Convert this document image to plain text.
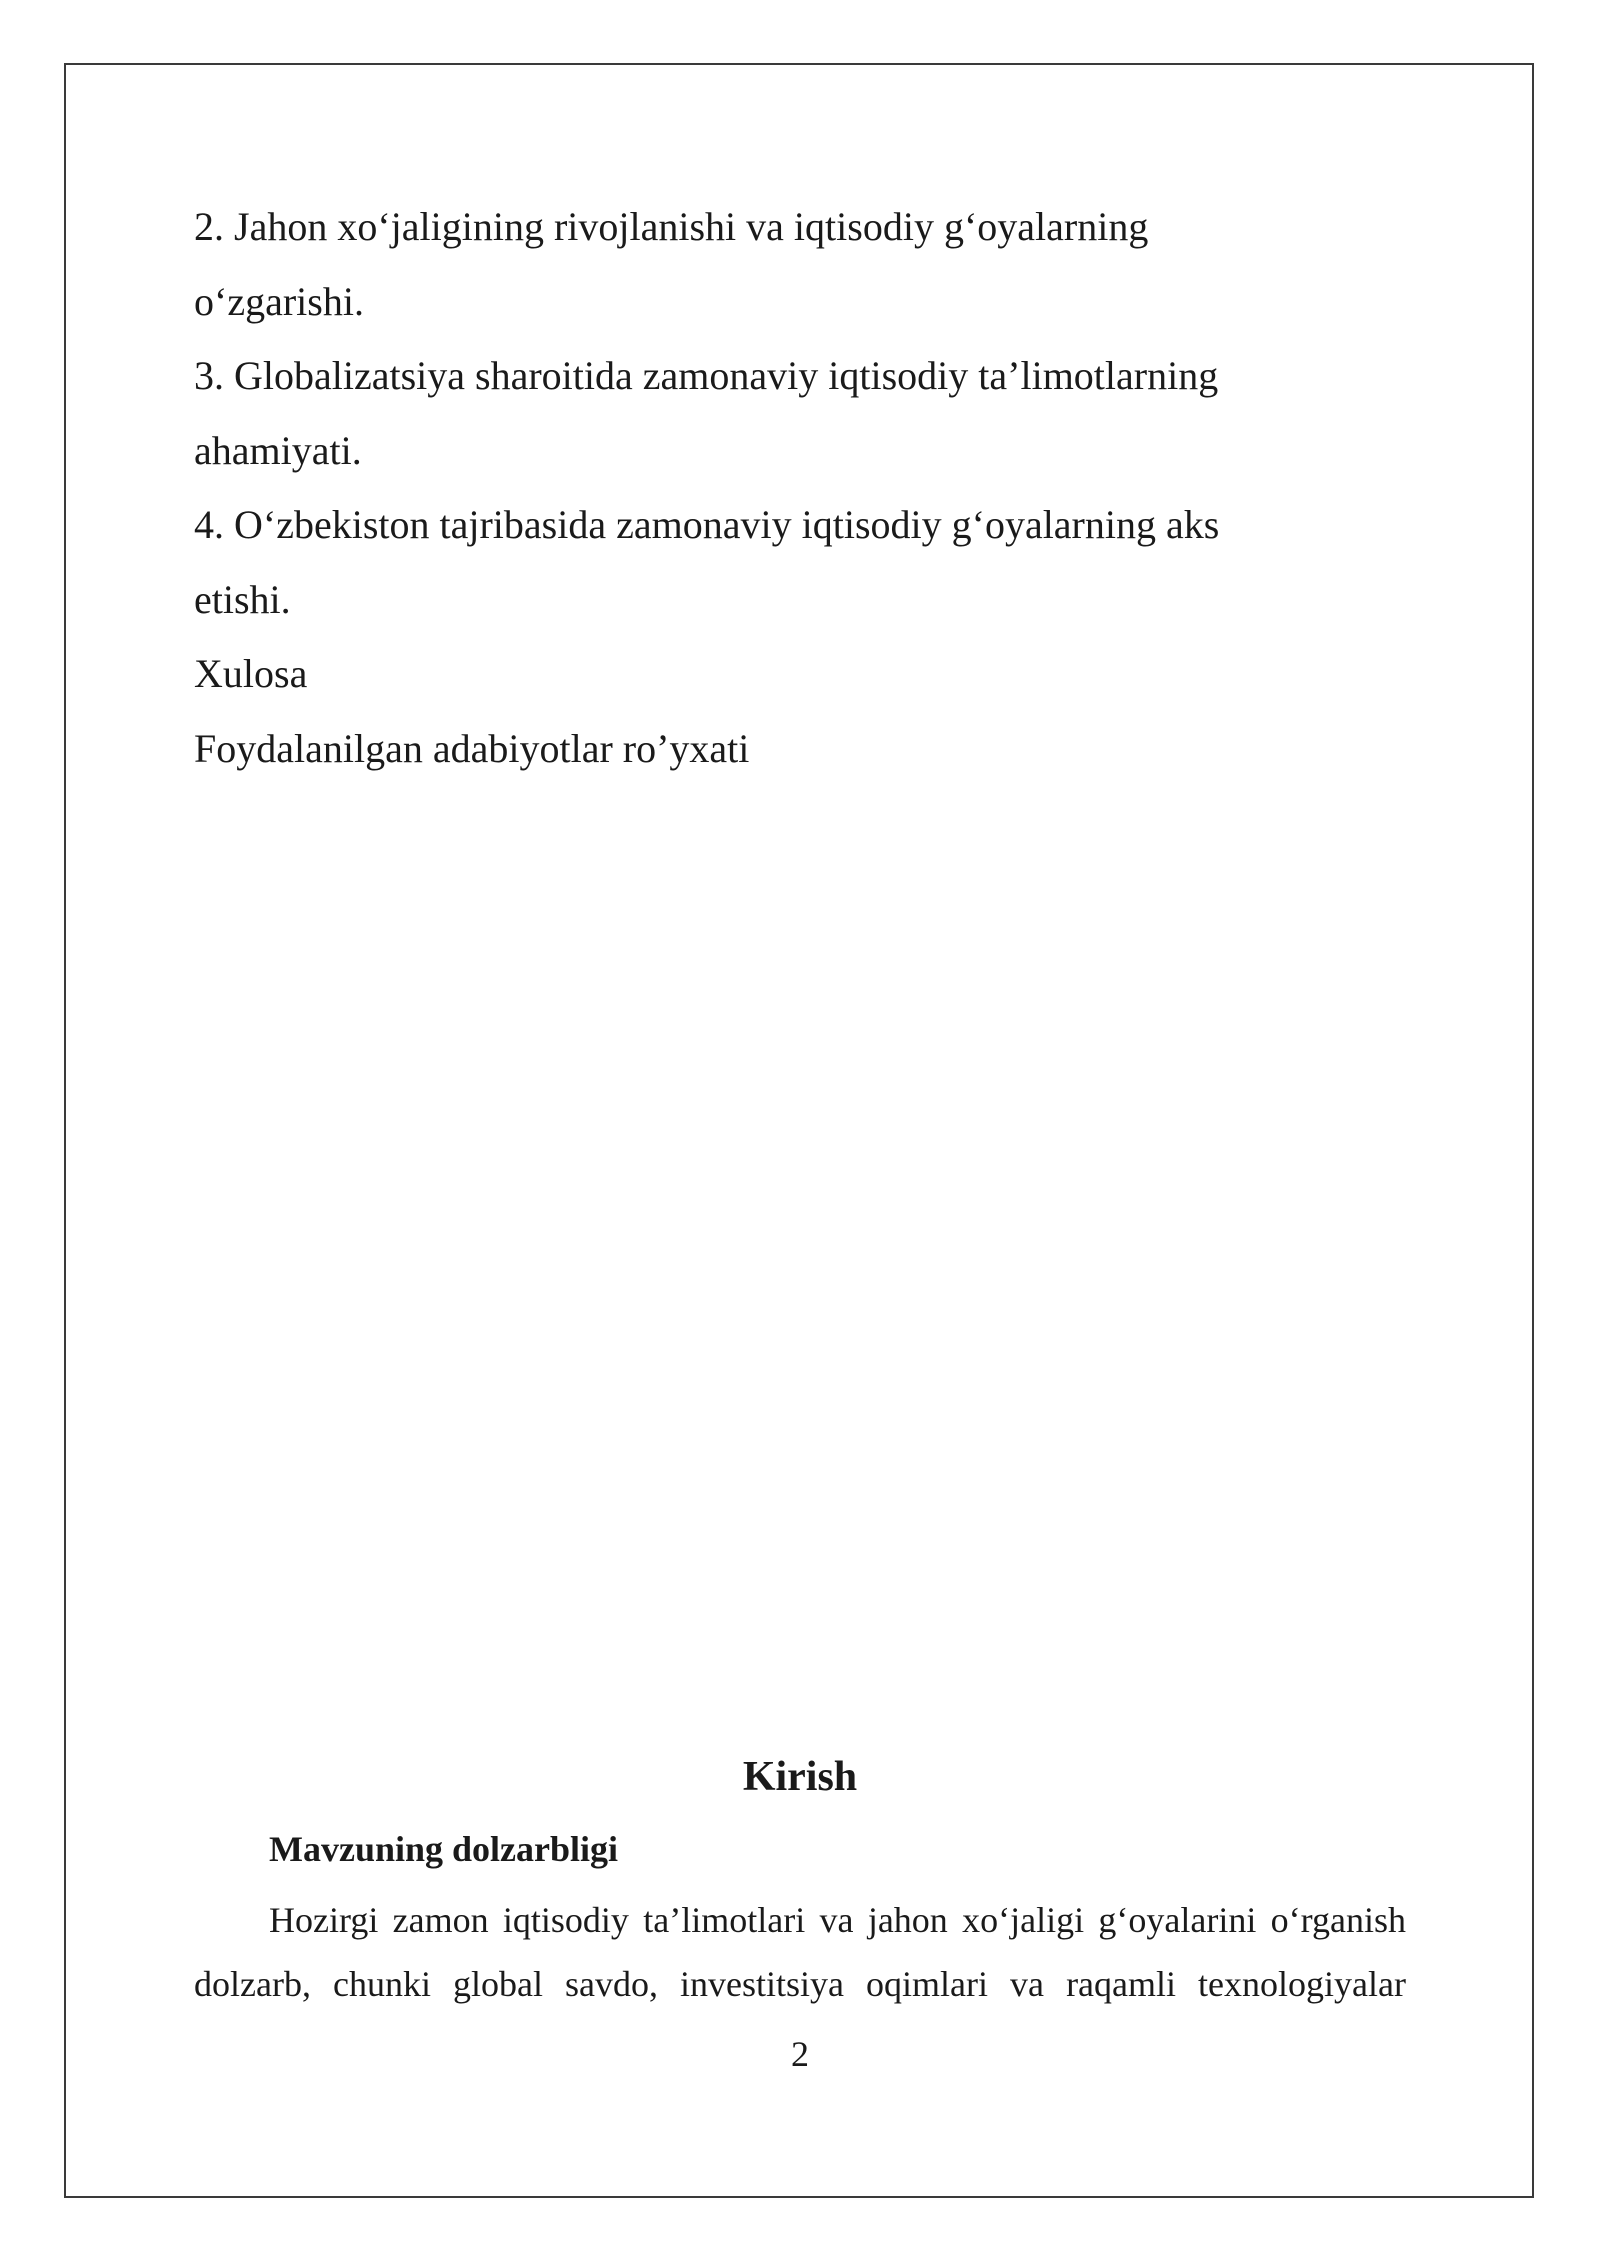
2. Jahon xo‘jaligining rivojlanishi va iqtisodiy g‘oyalarning
o‘zgarishi.
3. Globalizatsiya sharoitida zamonaviy iqtisodiy ta’limotlarning
ahamiyati.
4. O‘zbekiston tajribasida zamonaviy iqtisodiy g‘oyalarning aks
etishi.
Xulosa
Foydalanilgan adabiyotlar ro’yxati
Kirish
Mavzuning dolzarbligi
Hozirgi zamon iqtisodiy ta’limotlari va jahon xo‘jaligi g‘oyalarini o‘rganish
dolzarb, chunki global savdo, investitsiya oqimlari va raqamli texnologiyalar
2
